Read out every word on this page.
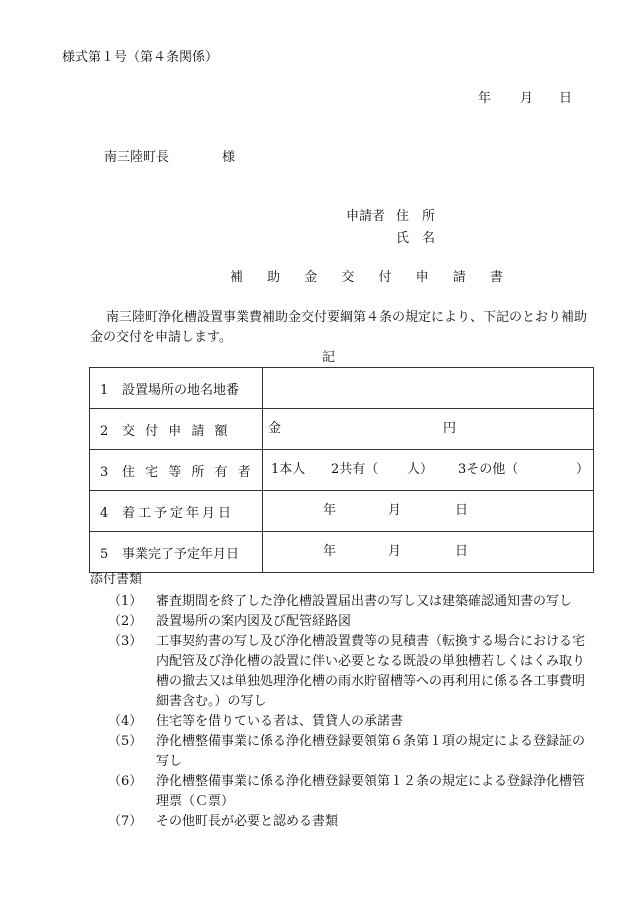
様式第１号（第４条関係）
年 月 日
南三陸町長	様
申請者 住　所
氏　名
補 助 金 交 付 申 請 書
南三陸町浄化槽設置事業費補助金交付要綱第４条の規定により、下記のとおり補助金の交付を申請します。
記
1 設置場所の地名地番	
2 交 付 申 請 額	金 円

3 住 宅 等 所 有 者	1本人 2共有（ 人） 3その他（ ）

4 着工予定年月日	年 月 日

5 事業完了予定年月日	年 月 日
添付書類
（1） 審査期間を終了した浄化槽設置届出書の写し又は建築確認通知書の写し
（2） 設置場所の案内図及び配管経路図
（3） 工事契約書の写し及び浄化槽設置費等の見積書（転換する場合における宅内配管及び浄化槽の設置に伴い必要となる既設の単独槽若しくはくみ取り槽の撤去又は単独処理浄化槽の雨水貯留槽等への再利用に係る各工事費明細書含む。）の写し
（4） 住宅等を借りている者は、賃貸人の承諾書
（5） 浄化槽整備事業に係る浄化槽登録要領第６条第１項の規定による登録証の写し
（6） 浄化槽整備事業に係る浄化槽登録要領第１２条の規定による登録浄化槽管理票（Ｃ票）
（7） その他町長が必要と認める書類
